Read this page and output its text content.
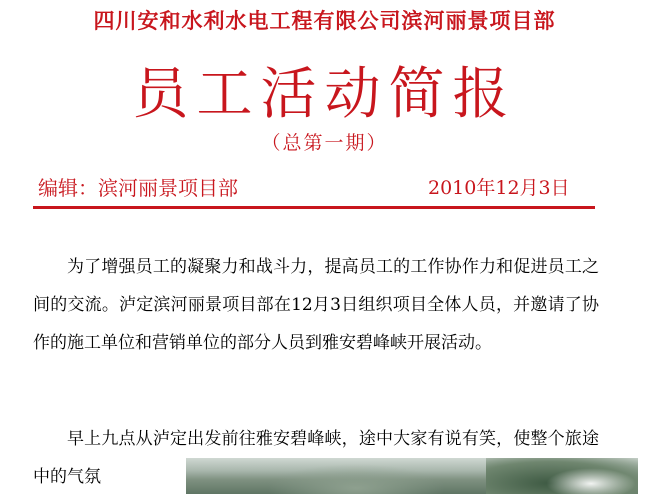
四川安和水利水电工程有限公司滨河丽景项目部
员工活动简报
（总第一期）
编辑：滨河丽景项目部	2010年12月3日

为了增强员工的凝聚力和战斗力，提高员工的工作协作力和促进员工之间的交流。泸定滨河丽景项目部在12月3日组织项目全体人员，并邀请了协作的施工单位和营销单位的部分人员到雅安碧峰峡开展活动。

早上九点从泸定出发前往雅安碧峰峡，途中大家有说有笑，使整个旅途中的气氛
